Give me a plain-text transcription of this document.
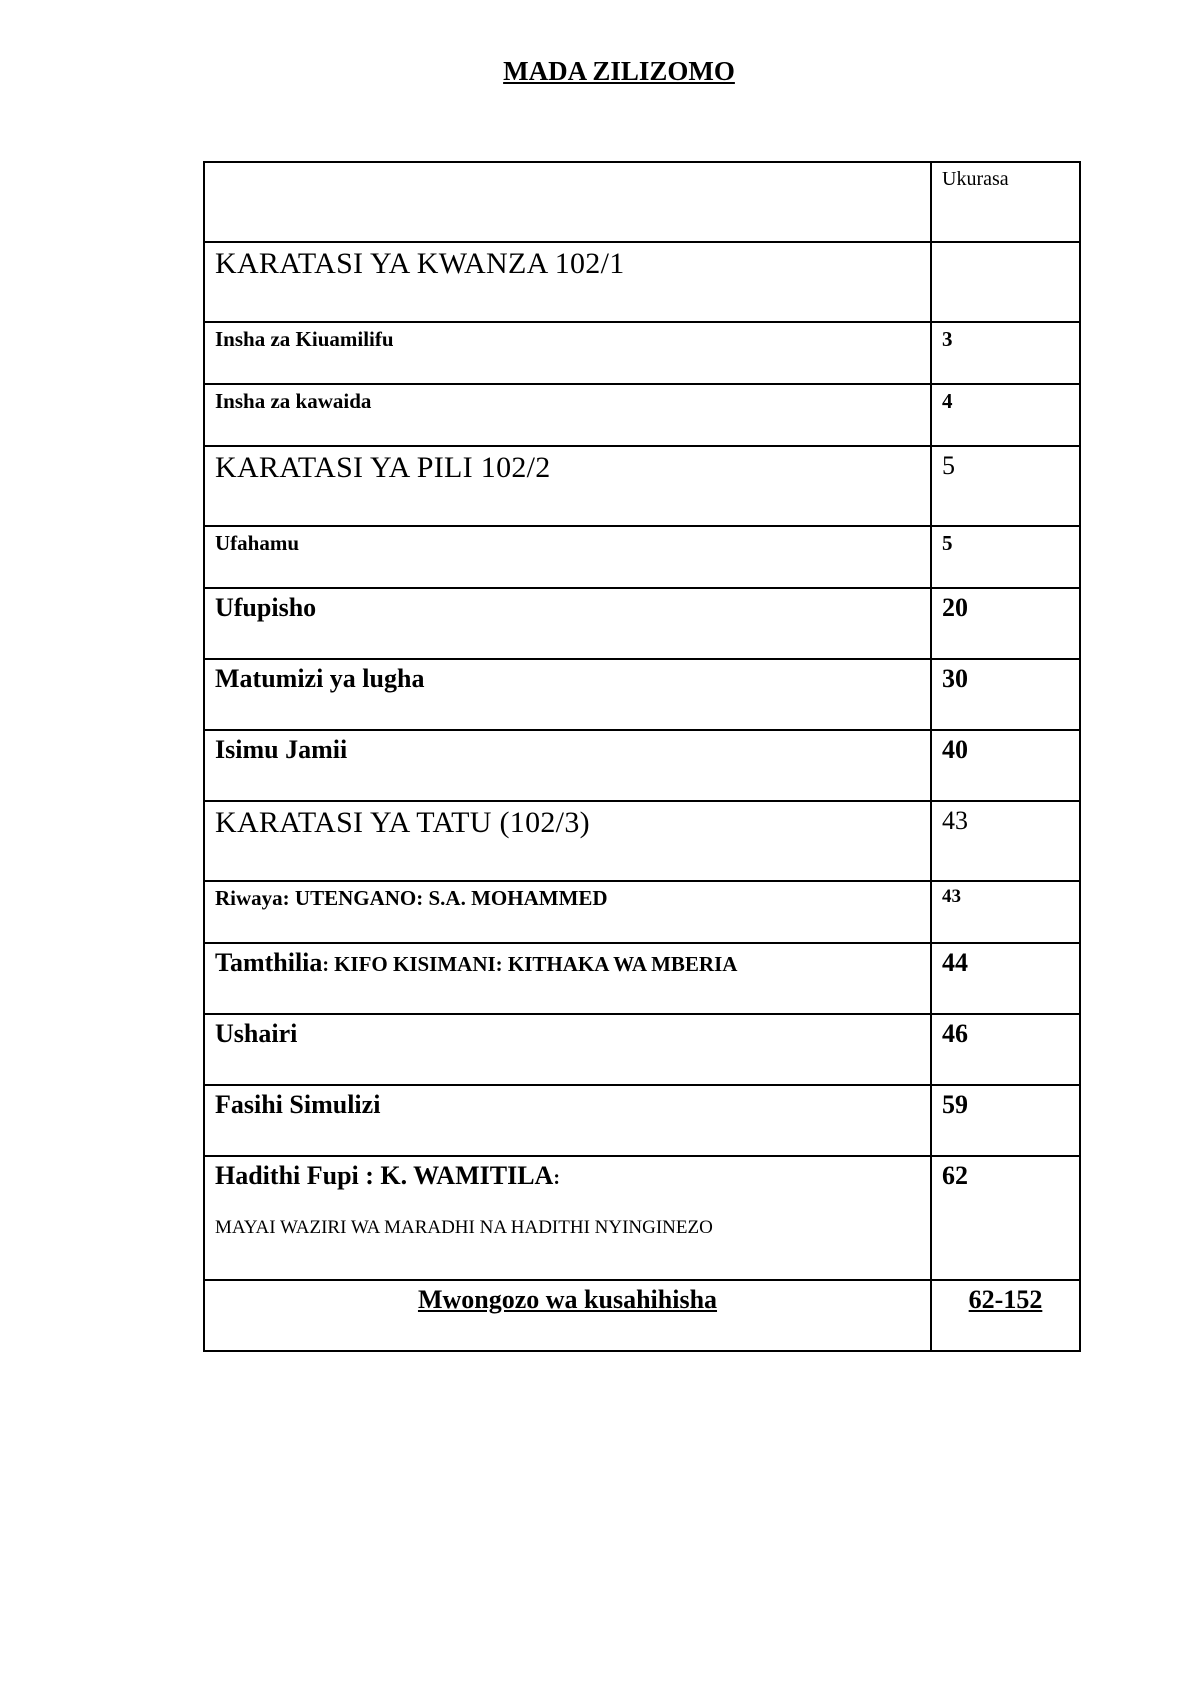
MADA ZILIZOMO
	Ukurasa
KARATASI YA KWANZA 102/1	
Insha za Kiuamilifu	3
Insha za kawaida	4
KARATASI YA PILI 102/2	5
Ufahamu	5
Ufupisho	20
Matumizi ya lugha	30
Isimu Jamii	40
KARATASI YA TATU (102/3)	43
Riwaya: UTENGANO: S.A. MOHAMMED	43
Tamthilia: KIFO KISIMANI: KITHAKA WA MBERIA	44
Ushairi	46
Fasihi Simulizi	59
Hadithi Fupi : K. WAMITILA:
MAYAI WAZIRI WA MARADHI NA HADITHI NYINGINEZO	62
Mwongozo wa kusahihisha	62-152
